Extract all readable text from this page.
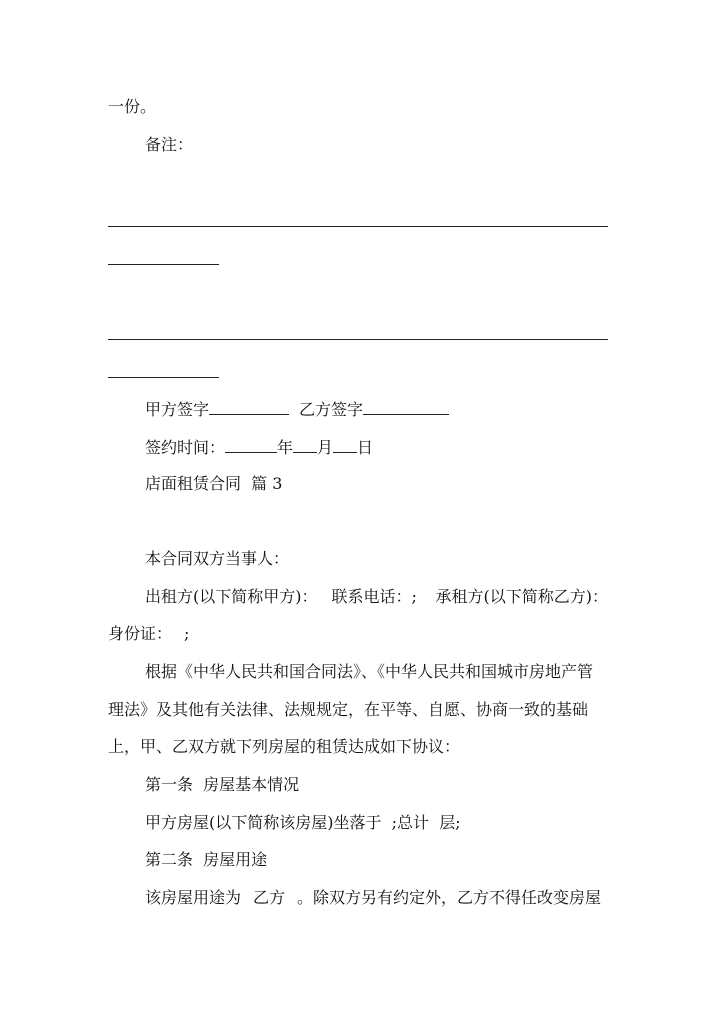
一份。
备注：
甲方签字	乙方签字
签约时间：	年 月 日
店面租赁合同  篇 3
本合同双方当事人：
出租方(以下简称甲方)： 联系电话：; 承租方(以下简称乙方)：
身份证： ;
根据《中华人民共和国合同法》、《中华人民共和国城市房地产管
理法》及其他有关法律、法规规定，在平等、自愿、协商一致的基础
上，甲、乙双方就下列房屋的租赁达成如下协议：
第一条  房屋基本情况
甲方房屋(以下简称该房屋)坐落于  ;总计  层;
第二条  房屋用途
该房屋用途为 乙方 。除双方另有约定外，乙方不得任改变房屋
